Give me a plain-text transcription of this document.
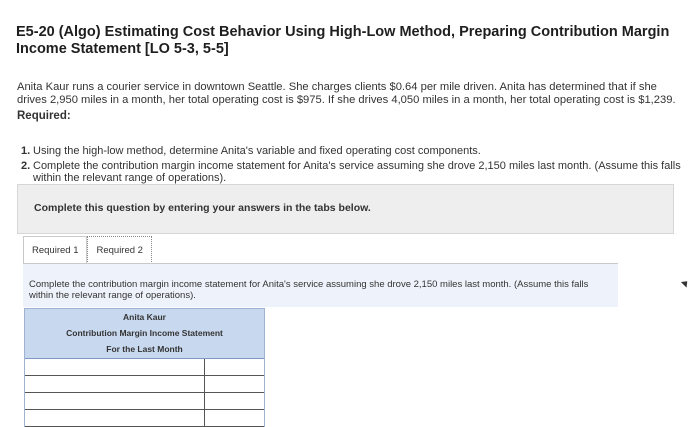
E5-20 (Algo) Estimating Cost Behavior Using High-Low Method, Preparing Contribution Margin Income Statement [LO 5-3, 5-5]
Anita Kaur runs a courier service in downtown Seattle. She charges clients $0.64 per mile driven. Anita has determined that if she drives 2,950 miles in a month, her total operating cost is $975. If she drives 4,050 miles in a month, her total operating cost is $1,239.
Required:
1. Using the high-low method, determine Anita's variable and fixed operating cost components.
2. Complete the contribution margin income statement for Anita's service assuming she drove 2,150 miles last month. (Assume this falls within the relevant range of operations).
Complete this question by entering your answers in the tabs below.
Required 1	Required 2
Complete the contribution margin income statement for Anita's service assuming she drove 2,150 miles last month. (Assume this falls within the relevant range of operations).
Anita Kaur
Contribution Margin Income Statement
For the Last Month
